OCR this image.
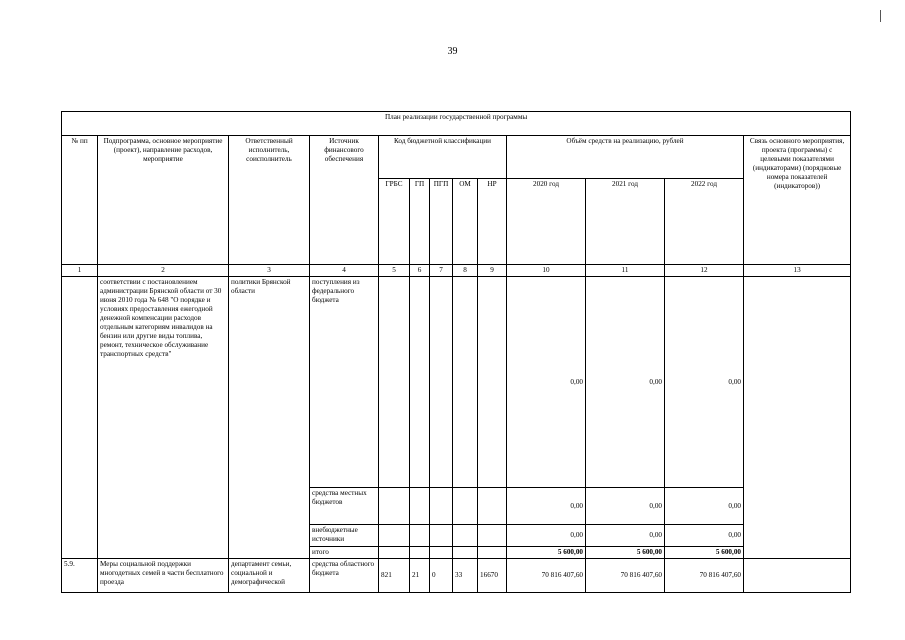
39
План реализации государственной программы												
№ пп	Подпрограмма, основное мероприятие (проект), направление расходов, мероприятие	Ответственный исполнитель, соисполнитель	Источник финансового обеспечения	Код бюджетной классификации					Объём средств на реализацию, рублей			Связь основного мероприятия, проекта (программы) с целевыми показателями (индикаторами) (порядковые номера показателей (индикаторов))
				ГРБС	ГП	ПГП	ОМ	НР	2020 год	2021 год	2022 год	
1	2	3	4	5	6	7	8	9	10	11	12	13
	соответствии с постановлением администрации Брянской области от 30 июня 2010 года № 648 "О порядке и условиях предоставления ежегодной денежной компенсации расходов отдельным категориям инвалидов на бензин или другие виды топлива, ремонт, техническое обслуживание транспортных средств"	политики Брянской области	поступления из федерального бюджета						0,00	0,00	0,00	
			средства местных бюджетов						0,00	0,00	0,00	
			внебюджетные источники						0,00	0,00	0,00	
			итого						5 600,00	5 600,00	5 600,00	
5.9.	Меры социальной поддержки многодетных семей в части бесплатного проезда	департамент семьи, социальной и демографической	средства областного бюджета	821	21	0	33	16670	70 816 407,60	70 816 407,60	70 816 407,60	
